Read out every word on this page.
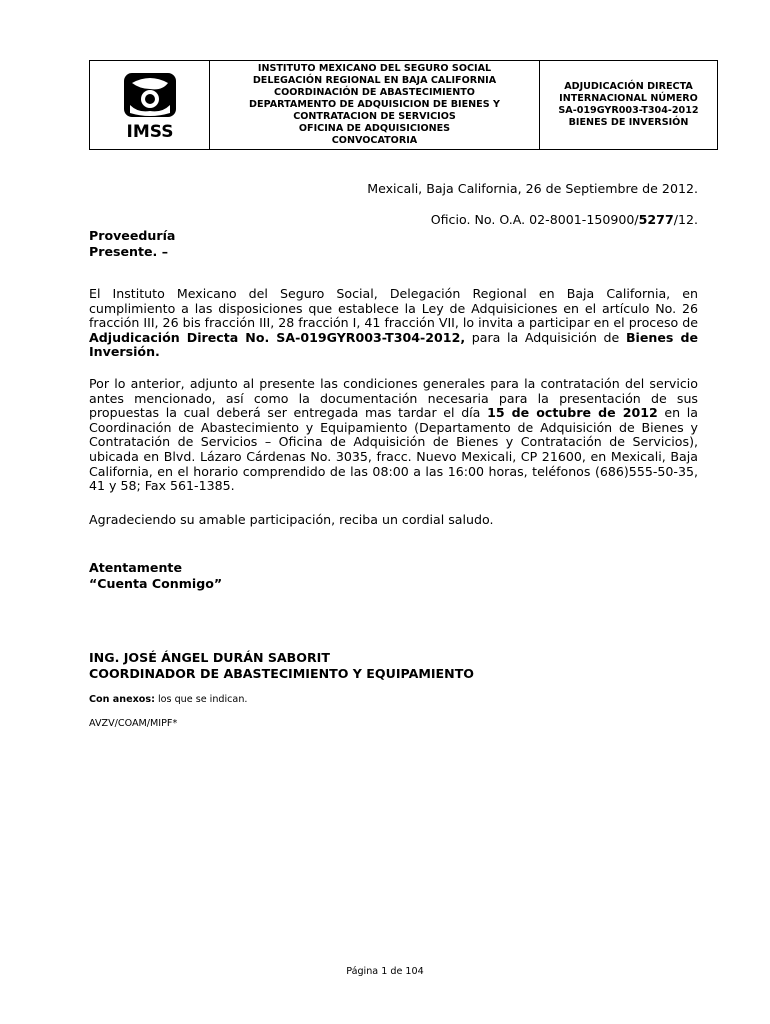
IMSS
INSTITUTO MEXICANO DEL SEGURO SOCIAL
DELEGACIÓN REGIONAL EN BAJA CALIFORNIA
COORDINACIÓN DE ABASTECIMIENTO
DEPARTAMENTO DE ADQUISICION DE BIENES Y
CONTRATACION DE SERVICIOS
OFICINA DE ADQUISICIONES
CONVOCATORIA
ADJUDICACIÓN DIRECTA
INTERNACIONAL NÚMERO
SA-019GYR003-T304-2012
BIENES DE INVERSIÓN
Mexicali, Baja California, 26 de Septiembre de 2012.
Oficio. No. O.A. 02-8001-150900/5277/12.
Proveeduría
Presente. –
El Instituto Mexicano del Seguro Social, Delegación Regional en Baja California, en cumplimiento a las disposiciones que establece la Ley de Adquisiciones en el artículo No. 26 fracción III, 26 bis fracción III, 28 fracción I, 41 fracción VII, lo invita a participar en el proceso de Adjudicación Directa No. SA-019GYR003-T304-2012, para la Adquisición de Bienes de Inversión.
Por lo anterior, adjunto al presente las condiciones generales para la contratación del servicio antes mencionado, así como la documentación necesaria para la presentación de sus propuestas la cual deberá ser entregada mas tardar el día 15 de octubre de 2012 en la Coordinación de Abastecimiento y Equipamiento (Departamento de Adquisición de Bienes y Contratación de Servicios – Oficina de Adquisición de Bienes y Contratación de Servicios), ubicada en Blvd. Lázaro Cárdenas No. 3035, fracc. Nuevo Mexicali, CP 21600, en Mexicali, Baja California, en el horario comprendido de las 08:00 a las 16:00 horas, teléfonos (686)555-50-35, 41 y 58; Fax 561-1385.
Agradeciendo su amable participación, reciba un cordial saludo.
Atentamente
“Cuenta Conmigo”
ING. JOSÉ ÁNGEL DURÁN SABORIT
COORDINADOR DE ABASTECIMIENTO Y EQUIPAMIENTO
Con anexos: los que se indican.
AVZV/COAM/MIPF*
Página 1 de 104
